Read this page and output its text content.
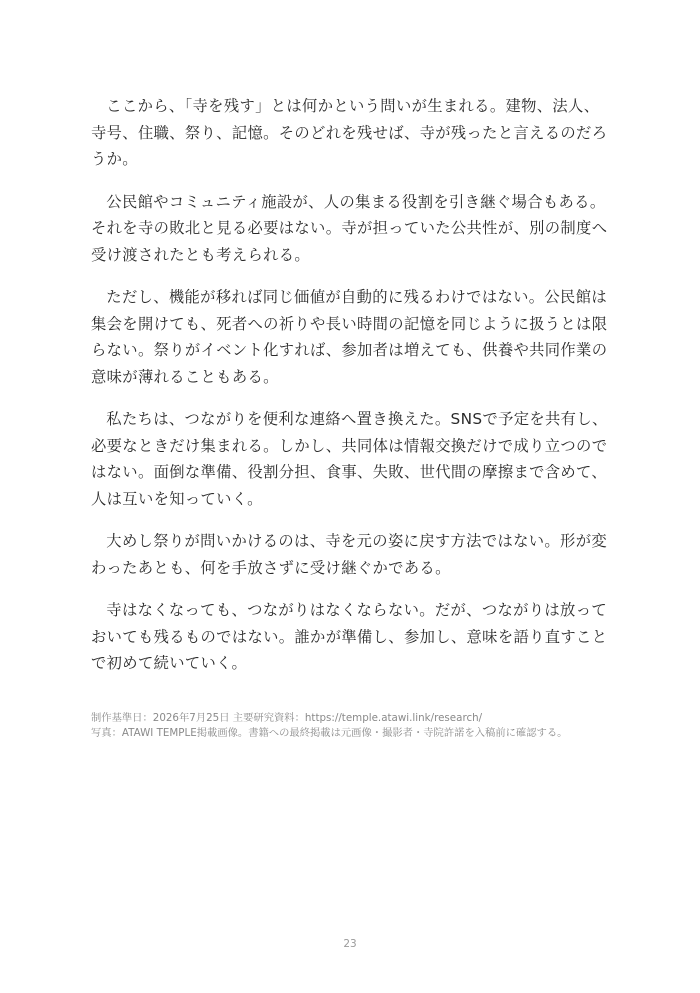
ここから、「寺を残す」とは何かという問いが生まれる。建物、法人、寺号、住職、祭り、記憶。そのどれを残せば、寺が残ったと言えるのだろうか。

公民館やコミュニティ施設が、人の集まる役割を引き継ぐ場合もある。それを寺の敗北と見る必要はない。寺が担っていた公共性が、別の制度へ受け渡されたとも考えられる。

ただし、機能が移れば同じ価値が自動的に残るわけではない。公民館は集会を開けても、死者への祈りや長い時間の記憶を同じように扱うとは限らない。祭りがイベント化すれば、参加者は増えても、供養や共同作業の意味が薄れることもある。

私たちは、つながりを便利な連絡へ置き換えた。SNSで予定を共有し、必要なときだけ集まれる。しかし、共同体は情報交換だけで成り立つのではない。面倒な準備、役割分担、食事、失敗、世代間の摩擦まで含めて、人は互いを知っていく。

大めし祭りが問いかけるのは、寺を元の姿に戻す方法ではない。形が変わったあとも、何を手放さずに受け継ぐかである。

寺はなくなっても、つながりはなくならない。だが、つながりは放っておいても残るものではない。誰かが準備し、参加し、意味を語り直すことで初めて続いていく。

制作基準日：2026年7月25日 主要研究資料：https://temple.atawi.link/research/

写真：ATAWI TEMPLE掲載画像。書籍への最終掲載は元画像・撮影者・寺院許諾を入稿前に確認する。

23
